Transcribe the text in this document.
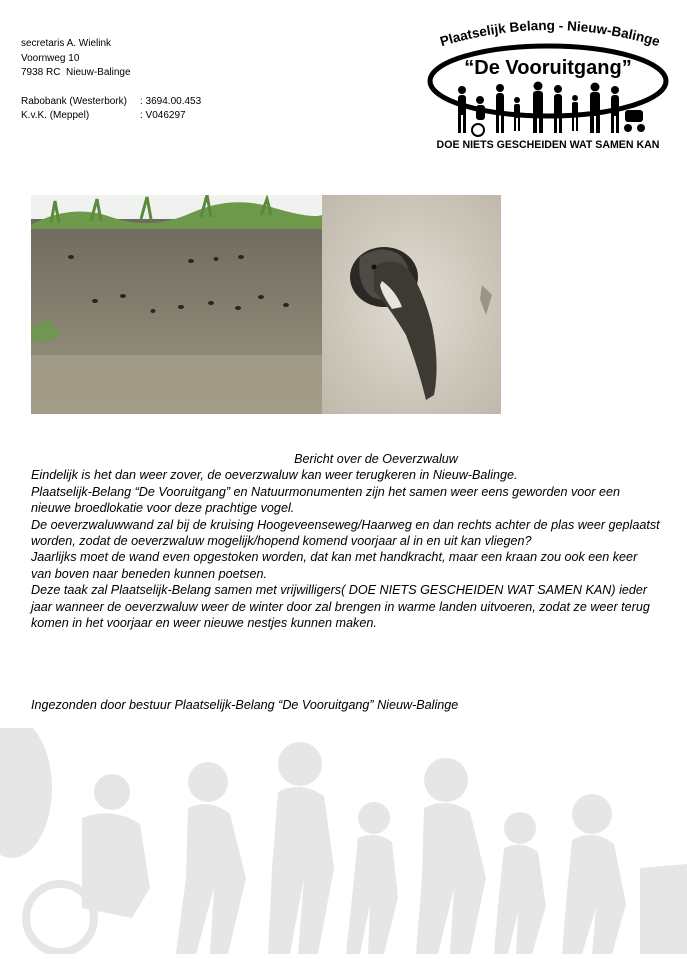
secretaris A. Wielink
Voornweg 10
7938 RC  Nieuw-Balinge
Rabobank (Westerbork) : 3694.00.453
K.v.K. (Meppel)	: V046297
Plaatselijk Belang - Nieuw-Balinge
“De Vooruitgang”
DOE NIETS GESCHEIDEN WAT SAMEN KAN
Bericht over de Oeverzwaluw

Eindelijk is het dan weer zover, de oeverzwaluw kan weer terugkeren in Nieuw-Balinge.

Plaatselijk-Belang “De Vooruitgang” en Natuurmonumenten zijn het samen weer eens geworden voor een nieuwe broedlokatie voor deze prachtige vogel.

De oeverzwaluwwand zal bij de kruising Hoogeveenseweg/Haarweg en dan rechts achter de plas weer geplaatst worden, zodat de oeverzwaluw mogelijk/hopend komend voorjaar al in en uit kan vliegen?

Jaarlijks moet de wand even opgestoken worden, dat kan met handkracht, maar een kraan zou ook een keer van boven naar beneden kunnen poetsen.

Deze taak zal Plaatselijk-Belang samen met vrijwilligers( DOE NIETS GESCHEIDEN WAT SAMEN KAN) ieder jaar wanneer de oeverzwaluw weer de winter door zal brengen in warme landen uitvoeren, zodat ze weer terug komen in het voorjaar en weer nieuwe nestjes kunnen maken.

Ingezonden door bestuur Plaatselijk-Belang “De Vooruitgang” Nieuw-Balinge
